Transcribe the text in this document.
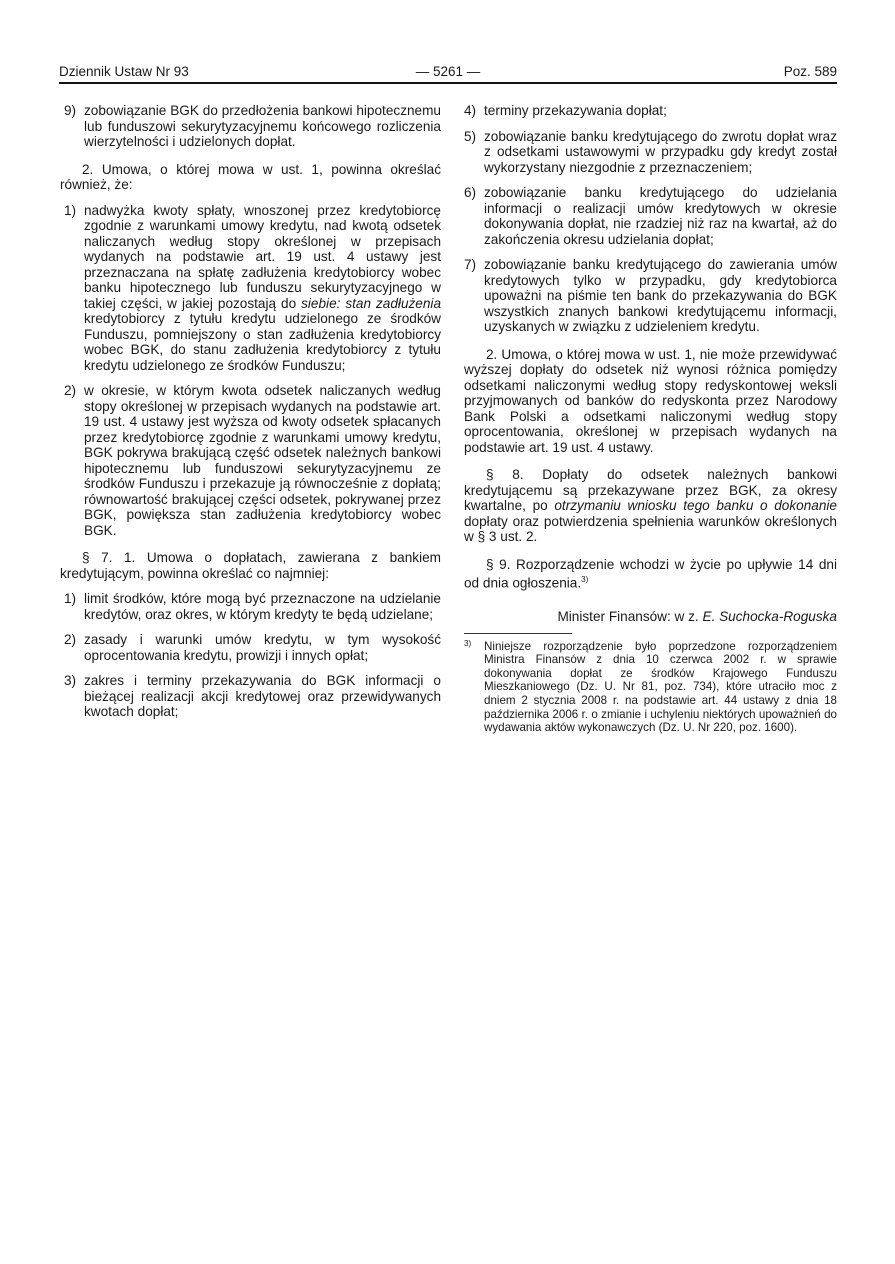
Dziennik Ustaw Nr 93	— 5261 —	Poz. 589
9) zobowiązanie BGK do przedłożenia bankowi hipotecznemu lub funduszowi sekurytyzacyjnemu końcowego rozliczenia wierzytelności i udzielonych dopłat.

2. Umowa, o której mowa w ust. 1, powinna określać również, że:

1) nadwyżka kwoty spłaty, wnoszonej przez kredytobiorcę zgodnie z warunkami umowy kredytu, nad kwotą odsetek naliczanych według stopy określonej w przepisach wydanych na podstawie art. 19 ust. 4 ustawy jest przeznaczana na spłatę zadłużenia kredytobiorcy wobec banku hipotecznego lub funduszu sekurytyzacyjnego w takiej części, w jakiej pozostają do siebie: stan zadłużenia kredytobiorcy z tytułu kredytu udzielonego ze środków Funduszu, pomniejszony o stan zadłużenia kredytobiorcy wobec BGK, do stanu zadłużenia kredytobiorcy z tytułu kredytu udzielonego ze środków Funduszu;
2) w okresie, w którym kwota odsetek naliczanych według stopy określonej w przepisach wydanych na podstawie art. 19 ust. 4 ustawy jest wyższa od kwoty odsetek spłacanych przez kredytobiorcę zgodnie z warunkami umowy kredytu, BGK pokrywa brakującą część odsetek należnych bankowi hipotecznemu lub funduszowi sekurytyzacyjnemu ze środków Funduszu i przekazuje ją równocześnie z dopłatą; równowartość brakującej części odsetek, pokrywanej przez BGK, powiększa stan zadłużenia kredytobiorcy wobec BGK.

§ 7. 1. Umowa o dopłatach, zawierana z bankiem kredytującym, powinna określać co najmniej:

1) limit środków, które mogą być przeznaczone na udzielanie kredytów, oraz okres, w którym kredyty te będą udzielane;
2) zasady i warunki umów kredytu, w tym wysokość oprocentowania kredytu, prowizji i innych opłat;
3) zakres i terminy przekazywania do BGK informacji o bieżącej realizacji akcji kredytowej oraz przewidywanych kwotach dopłat;
4) terminy przekazywania dopłat;
5) zobowiązanie banku kredytującego do zwrotu dopłat wraz z odsetkami ustawowymi w przypadku gdy kredyt został wykorzystany niezgodnie z przeznaczeniem;
6) zobowiązanie banku kredytującego do udzielania informacji o realizacji umów kredytowych w okresie dokonywania dopłat, nie rzadziej niż raz na kwartał, aż do zakończenia okresu udzielania dopłat;
7) zobowiązanie banku kredytującego do zawierania umów kredytowych tylko w przypadku, gdy kredytobiorca upoważni na piśmie ten bank do przekazywania do BGK wszystkich znanych bankowi kredytującemu informacji, uzyskanych w związku z udzieleniem kredytu.

2. Umowa, o której mowa w ust. 1, nie może przewidywać wyższej dopłaty do odsetek niż wynosi różnica pomiędzy odsetkami naliczonymi według stopy redyskontowej weksli przyjmowanych od banków do redyskonta przez Narodowy Bank Polski a odsetkami naliczonymi według stopy oprocentowania, określonej w przepisach wydanych na podstawie art. 19 ust. 4 ustawy.

§ 8. Dopłaty do odsetek należnych bankowi kredytującemu są przekazywane przez BGK, za okresy kwartalne, po otrzymaniu wniosku tego banku o dokonanie dopłaty oraz potwierdzenia spełnienia warunków określonych w § 3 ust. 2.

§ 9. Rozporządzenie wchodzi w życie po upływie 14 dni od dnia ogłoszenia.$^{3)}$

Minister Finansów: w z. E. Suchocka-Roguska
3) Niniejsze rozporządzenie było poprzedzone rozporządzeniem Ministra Finansów z dnia 10 czerwca 2002 r. w sprawie dokonywania dopłat ze środków Krajowego Funduszu Mieszkaniowego (Dz. U. Nr 81, poz. 734), które utraciło moc z dniem 2 stycznia 2008 r. na podstawie art. 44 ustawy z dnia 18 października 2006 r. o zmianie i uchyleniu niektórych upoważnień do wydawania aktów wykonawczych (Dz. U. Nr 220, poz. 1600).
